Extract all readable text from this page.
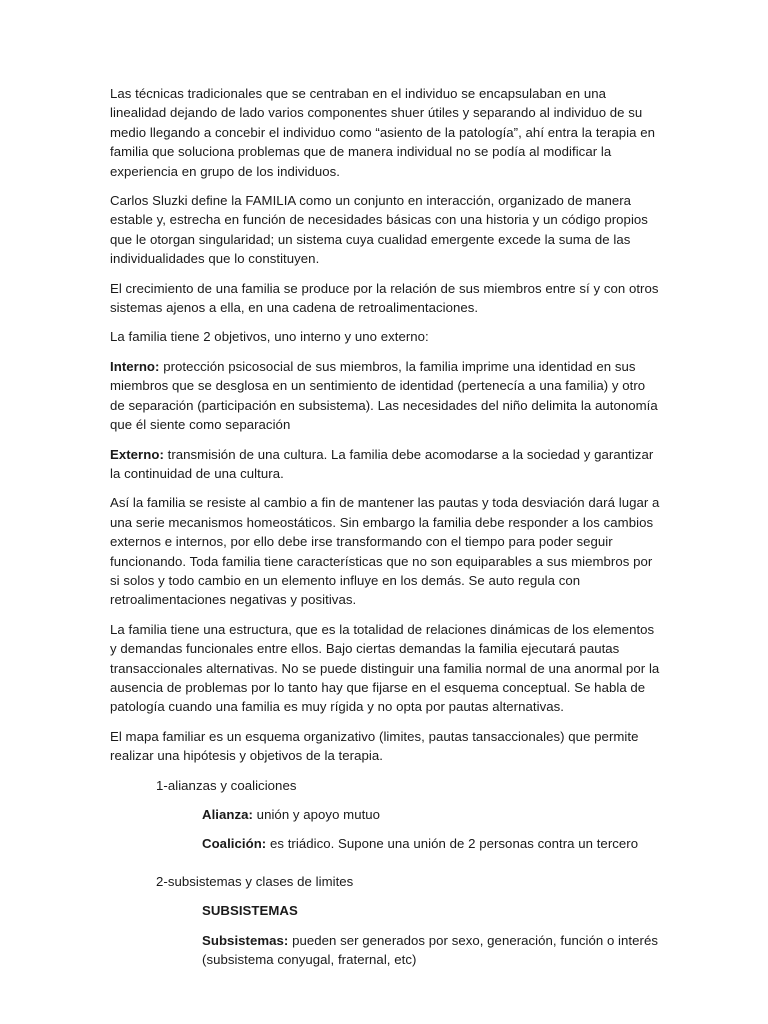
Las técnicas tradicionales que se centraban en el individuo se encapsulaban en una linealidad dejando de lado varios componentes shuer útiles y separando al individuo de su medio llegando a concebir el individuo como “asiento de la patología”, ahí entra la terapia en familia que soluciona problemas que de manera individual no se podía al modificar la experiencia en grupo de los individuos.

Carlos Sluzki define la FAMILIA como un conjunto en interacción, organizado de manera estable y, estrecha en función de necesidades básicas con una historia y un código propios que le otorgan singularidad; un sistema cuya cualidad emergente excede la suma de las individualidades que lo constituyen.

El crecimiento de una familia se produce por la relación de sus miembros entre sí y con otros sistemas ajenos a ella, en una cadena de retroalimentaciones.

La familia tiene 2 objetivos, uno interno y uno externo:

Interno: protección psicosocial de sus miembros, la familia imprime una identidad en sus miembros que se desglosa en un sentimiento de identidad (pertenecía a una familia) y otro de separación (participación en subsistema). Las necesidades del niño delimita la autonomía que él siente como separación

Externo: transmisión de una cultura. La familia debe acomodarse a la sociedad y garantizar la continuidad de una cultura.

Así la familia se resiste al cambio a fin de mantener las pautas y toda desviación dará lugar a una serie mecanismos homeostáticos. Sin embargo la familia debe responder a los cambios externos e internos, por ello debe irse transformando con el tiempo para poder seguir funcionando. Toda familia tiene características que no son equiparables a sus miembros por si solos y todo cambio en un elemento influye en los demás. Se auto regula con retroalimentaciones negativas y positivas.

La familia tiene una estructura, que es la totalidad de relaciones dinámicas de los elementos y demandas funcionales entre ellos. Bajo ciertas demandas la familia ejecutará pautas transaccionales alternativas. No se puede distinguir una familia normal de una anormal por la ausencia de problemas por lo tanto hay que fijarse en el esquema conceptual. Se habla de patología cuando una familia es muy rígida y no opta por pautas alternativas.

El mapa familiar es un esquema organizativo (limites, pautas tansaccionales) que permite realizar una hipótesis y objetivos de la terapia.

1-alianzas y coaliciones

Alianza: unión y apoyo mutuo

Coalición: es triádico. Supone una unión de 2 personas contra un tercero

2-subsistemas y clases de limites

SUBSISTEMAS

Subsistemas: pueden ser generados por sexo, generación, función o interés (subsistema conyugal, fraternal, etc)
